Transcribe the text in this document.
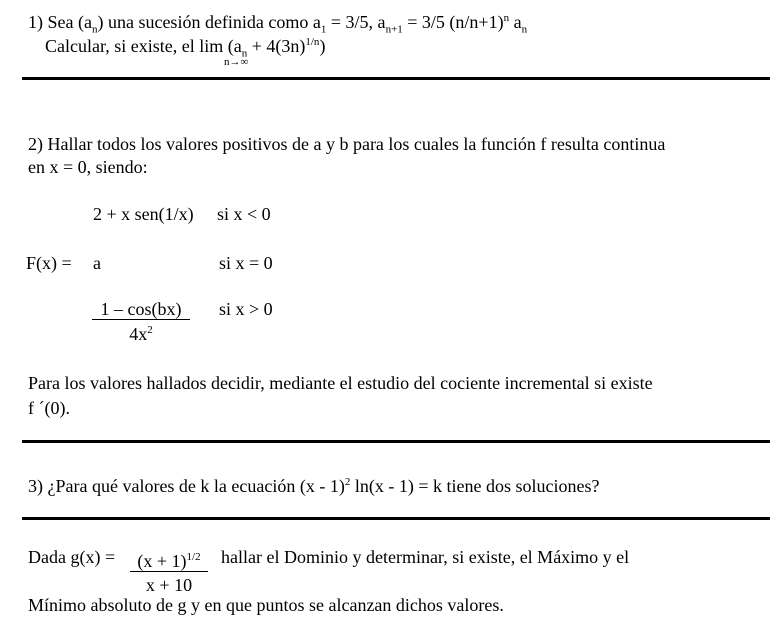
1) Sea $(a_n)$ una sucesión definida como $a_1 = 3/5$, $a_{n+1} = 3/5$ $(n/n+1)^n$ $a_n$
Calcular, si existe, el $\lim (a_n + 4(3n)^{1/n})$
n→∞
2) Hallar todos los valores positivos de a y b para los cuales la función f resulta continua
en x = 0, siendo:
2 + x sen(1/x) si x < 0
F(x) = a	si x = 0
$\frac{1 - \cos(bx)}{4x^2}$ si x > 0
Para los valores hallados decidir, mediante el estudio del cociente incremental si existe
f ´(0).
3) ¿Para qué valores de k la ecuación (x - 1)$^2$ ln(x - 1) = k tiene dos soluciones?
Dada $g(x) = \frac{(x + 1)^{1/2}}{x + 10}$ hallar el Dominio y determinar, si existe, el Máximo y el
Mínimo absoluto de g y en que puntos se alcanzan dichos valores.
